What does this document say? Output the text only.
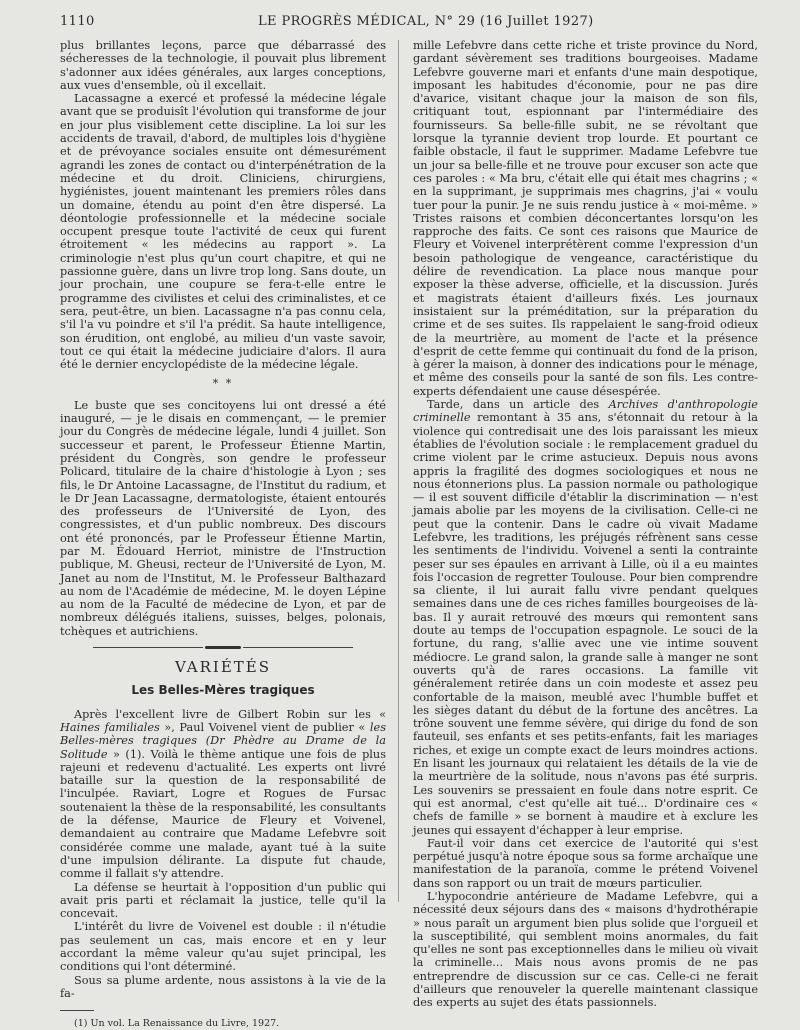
1110	LE PROGRÈS MÉDICAL, N° 29 (16 Juillet 1927)

plus brillantes leçons, parce que débarrassé des sécheresses de la technologie, il pouvait plus librement s'adonner aux idées générales, aux larges conceptions, aux vues d'ensemble, où il excellait.

Lacassagne a exercé et professé la médecine légale avant que se produisît l'évolution qui transforme de jour en jour plus visiblement cette discipline. La loi sur les accidents de travail, d'abord, de multiples lois d'hygiène et de prévoyance sociales ensuite ont démesurément agrandi les zones de contact ou d'interpénétration de la médecine et du droit. Cliniciens, chirurgiens, hygiénistes, jouent maintenant les premiers rôles dans un domaine, étendu au point d'en être dispersé. La déontologie professionnelle et la médecine sociale occupent presque toute l'activité de ceux qui furent étroitement « les médecins au rapport ». La criminologie n'est plus qu'un court chapitre, et qui ne passionne guère, dans un livre trop long. Sans doute, un jour prochain, une coupure se fera-t-elle entre le programme des civilistes et celui des criminalistes, et ce sera, peut-être, un bien. Lacassagne n'a pas connu cela, s'il l'a vu poindre et s'il l'a prédit. Sa haute intelligence, son érudition, ont englobé, au milieu d'un vaste savoir, tout ce qui était la médecine judiciaire d'alors. Il aura été le dernier encyclopédiste de la médecine légale.

* *

Le buste que ses concitoyens lui ont dressé a été inauguré, — je le disais en commençant, — le premier jour du Congrès de médecine légale, lundi 4 juillet. Son successeur et parent, le Professeur Étienne Martin, président du Congrès, son gendre le professeur Policard, titulaire de la chaire d'histologie à Lyon ; ses fils, le Dr Antoine Lacassagne, de l'Institut du radium, et le Dr Jean Lacassagne, dermatologiste, étaient entourés des professeurs de l'Université de Lyon, des congressistes, et d'un public nombreux. Des discours ont été prononcés, par le Professeur Étienne Martin, par M. Édouard Herriot, ministre de l'Instruction publique, M. Gheusi, recteur de l'Université de Lyon, M. Janet au nom de l'Institut, M. le Professeur Balthazard au nom de l'Académie de médecine, M. le doyen Lépine au nom de la Faculté de médecine de Lyon, et par de nombreux délégués italiens, suisses, belges, polonais, tchèques et autrichiens.

VARIÉTÉS
Les Belles-Mères tragiques

Après l'excellent livre de Gilbert Robin sur les « Haines familiales », Paul Voivenel vient de publier « les Belles-mères tragiques (Dr Phèdre au Drame de la Solitude » (1). Voilà le thème antique une fois de plus rajeuni et redevenu d'actualité. Les experts ont livré bataille sur la question de la responsabilité de l'inculpée. Raviart, Logre et Rogues de Fursac soutenaient la thèse de la responsabilité, les consultants de la défense, Maurice de Fleury et Voivenel, demandaient au contraire que Madame Lefebvre soit considérée comme une malade, ayant tué à la suite d'une impulsion délirante. La dispute fut chaude, comme il fallait s'y attendre.

La défense se heurtait à l'opposition d'un public qui avait pris parti et réclamait la justice, telle qu'il la concevait.

L'intérêt du livre de Voivenel est double : il n'étudie pas seulement un cas, mais encore et en y leur accordant la même valeur qu'au sujet principal, les conditions qui l'ont déterminé.

Sous sa plume ardente, nous assistons à la vie de la fa-

(1) Un vol. La Renaissance du Livre, 1927.

mille Lefebvre dans cette riche et triste province du Nord, gardant sévèrement ses traditions bourgeoises. Madame Lefebvre gouverne mari et enfants d'une main despotique, imposant les habitudes d'économie, pour ne pas dire d'avarice, visitant chaque jour la maison de son fils, critiquant tout, espionnant par l'intermédiaire des fournisseurs. Sa belle-fille subit, ne se révoltant que lorsque la tyrannie devient trop lourde. Et pourtant ce faible obstacle, il faut le supprimer. Madame Lefebvre tue un jour sa belle-fille et ne trouve pour excuser son acte que ces paroles : « Ma bru, c'était elle qui était mes chagrins ; « en la supprimant, je supprimais mes chagrins, j'ai « voulu tuer pour la punir. Je ne suis rendu justice à « moi-même. » Tristes raisons et combien déconcertantes lorsqu'on les rapproche des faits. Ce sont ces raisons que Maurice de Fleury et Voivenel interprétèrent comme l'expression d'un besoin pathologique de vengeance, caractéristique du délire de revendication. La place nous manque pour exposer la thèse adverse, officielle, et la discussion. Jurés et magistrats étaient d'ailleurs fixés. Les journaux insistaient sur la préméditation, sur la préparation du crime et de ses suites. Ils rappelaient le sang-froid odieux de la meurtrière, au moment de l'acte et la présence d'esprit de cette femme qui continuait du fond de la prison, à gérer la maison, à donner des indications pour le ménage, et même des conseils pour la santé de son fils. Les contre-experts défendaient une cause désespérée.

Tarde, dans un article des Archives d'anthropologie criminelle remontant à 35 ans, s'étonnait du retour à la violence qui contredisait une des lois paraissant les mieux établies de l'évolution sociale : le remplacement graduel du crime violent par le crime astucieux. Depuis nous avons appris la fragilité des dogmes sociologiques et nous ne nous étonnerions plus. La passion normale ou pathologique — il est souvent difficile d'établir la discrimination — n'est jamais abolie par les moyens de la civilisation. Celle-ci ne peut que la contenir. Dans le cadre où vivait Madame Lefebvre, les traditions, les préjugés réfrènent sans cesse les sentiments de l'individu. Voivenel a senti la contrainte peser sur ses épaules en arrivant à Lille, où il a eu maintes fois l'occasion de regretter Toulouse. Pour bien comprendre sa cliente, il lui aurait fallu vivre pendant quelques semaines dans une de ces riches familles bourgeoises de là-bas. Il y aurait retrouvé des mœurs qui remontent sans doute au temps de l'occupation espagnole. Le souci de la fortune, du rang, s'allie avec une vie intime souvent médiocre. Le grand salon, la grande salle à manger ne sont ouverts qu'à de rares occasions. La famille vit généralement retirée dans un coin modeste et assez peu confortable de la maison, meublé avec l'humble buffet et les sièges datant du début de la fortune des ancêtres. La trône souvent une femme sévère, qui dirige du fond de son fauteuil, ses enfants et ses petits-enfants, fait les mariages riches, et exige un compte exact de leurs moindres actions. En lisant les journaux qui relataient les détails de la vie de la meurtrière de la solitude, nous n'avons pas été surpris. Les souvenirs se pressaient en foule dans notre esprit. Ce qui est anormal, c'est qu'elle ait tué... D'ordinaire ces « chefs de famille » se bornent à maudire et à exclure les jeunes qui essayent d'échapper à leur emprise.

Faut-il voir dans cet exercice de l'autorité qui s'est perpétué jusqu'à notre époque sous sa forme archaïque une manifestation de la paranoïa, comme le prétend Voivenel dans son rapport ou un trait de mœurs particulier.

L'hypocondrie antérieure de Madame Lefebvre, qui a nécessité deux séjours dans des « maisons d'hydrothérapie » nous paraît un argument bien plus solide que l'orgueil et la susceptibilité, qui semblent moins anormales, du fait qu'elles ne sont pas exceptionnelles dans le milieu où vivait la criminelle... Mais nous avons promis de ne pas entreprendre de discussion sur ce cas. Celle-ci ne ferait d'ailleurs que renouveler la querelle maintenant classique des experts au sujet des états passionnels.
